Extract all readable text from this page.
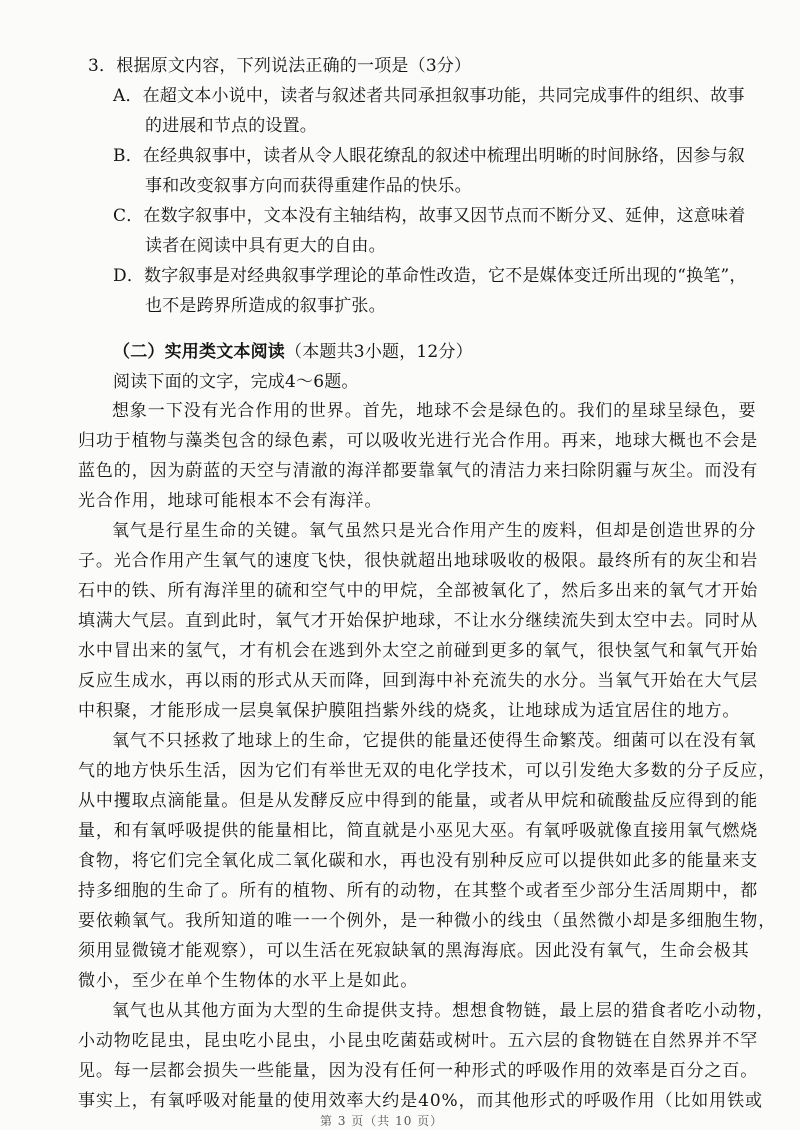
3．根据原文内容，下列说法正确的一项是（3分）
A．在超文本小说中，读者与叙述者共同承担叙事功能，共同完成事件的组织、故事
的进展和节点的设置。
B．在经典叙事中，读者从令人眼花缭乱的叙述中梳理出明晰的时间脉络，因参与叙
事和改变叙事方向而获得重建作品的快乐。
C．在数字叙事中，文本没有主轴结构，故事又因节点而不断分叉、延伸，这意味着
读者在阅读中具有更大的自由。
D．数字叙事是对经典叙事学理论的革命性改造，它不是媒体变迁所出现的“换笔”，
也不是跨界所造成的叙事扩张。
（二）实用类文本阅读（本题共3小题，12分）
阅读下面的文字，完成4～6题。
想象一下没有光合作用的世界。首先，地球不会是绿色的。我们的星球呈绿色，要
归功于植物与藻类包含的绿色素，可以吸收光进行光合作用。再来，地球大概也不会是
蓝色的，因为蔚蓝的天空与清澈的海洋都要靠氧气的清洁力来扫除阴霾与灰尘。而没有
光合作用，地球可能根本不会有海洋。
氧气是行星生命的关键。氧气虽然只是光合作用产生的废料，但却是创造世界的分
子。光合作用产生氧气的速度飞快，很快就超出地球吸收的极限。最终所有的灰尘和岩
石中的铁、所有海洋里的硫和空气中的甲烷，全部被氧化了，然后多出来的氧气才开始
填满大气层。直到此时，氧气才开始保护地球，不让水分继续流失到太空中去。同时从
水中冒出来的氢气，才有机会在逃到外太空之前碰到更多的氧气，很快氢气和氧气开始
反应生成水，再以雨的形式从天而降，回到海中补充流失的水分。当氧气开始在大气层
中积聚，才能形成一层臭氧保护膜阻挡紫外线的烧炙，让地球成为适宜居住的地方。
氧气不只拯救了地球上的生命，它提供的能量还使得生命繁茂。细菌可以在没有氧
气的地方快乐生活，因为它们有举世无双的电化学技术，可以引发绝大多数的分子反应，
从中攫取点滴能量。但是从发酵反应中得到的能量，或者从甲烷和硫酸盐反应得到的能
量，和有氧呼吸提供的能量相比，简直就是小巫见大巫。有氧呼吸就像直接用氧气燃烧
食物，将它们完全氧化成二氧化碳和水，再也没有别种反应可以提供如此多的能量来支
持多细胞的生命了。所有的植物、所有的动物，在其整个或者至少部分生活周期中，都
要依赖氧气。我所知道的唯一一个例外，是一种微小的线虫（虽然微小却是多细胞生物，
须用显微镜才能观察），可以生活在死寂缺氧的黑海海底。因此没有氧气，生命会极其
微小，至少在单个生物体的水平上是如此。
氧气也从其他方面为大型的生命提供支持。想想食物链，最上层的猎食者吃小动物，
小动物吃昆虫，昆虫吃小昆虫，小昆虫吃菌菇或树叶。五六层的食物链在自然界并不罕
见。每一层都会损失一些能量，因为没有任何一种形式的呼吸作用的效率是百分之百。
事实上，有氧呼吸对能量的使用效率大约是40%，而其他形式的呼吸作用（比如用铁或
第 3 页（共 10 页）
